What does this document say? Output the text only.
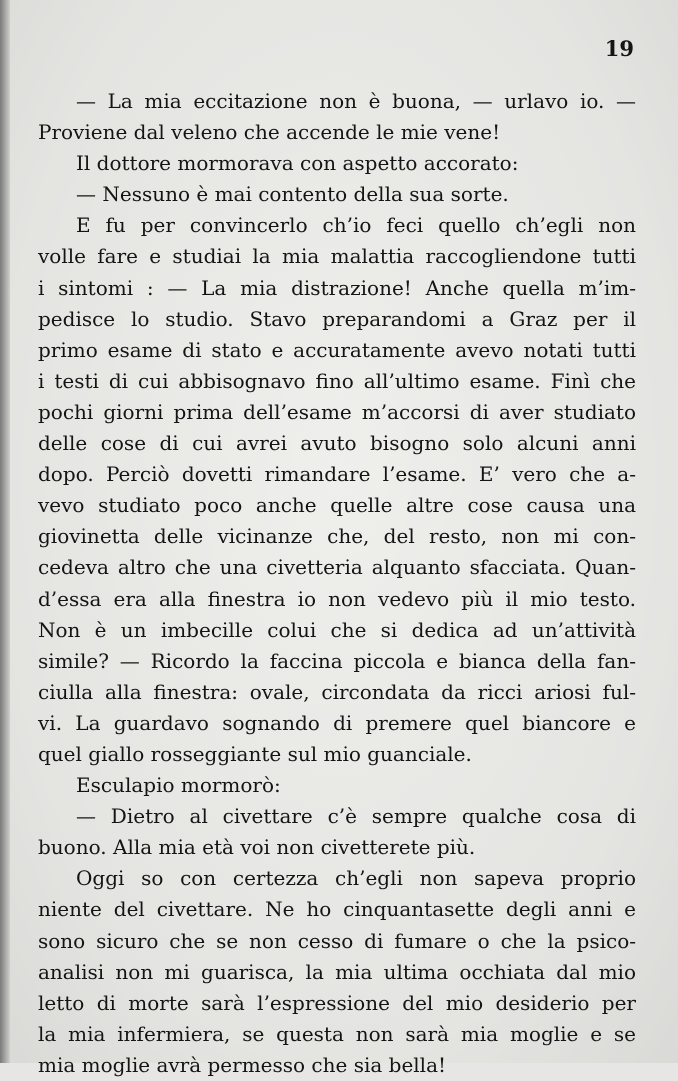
19
— La mia eccitazione non è buona, — urlavo io. —
Proviene dal veleno che accende le mie vene!
Il dottore mormorava con aspetto accorato:
— Nessuno è mai contento della sua sorte.
E fu per convincerlo ch’io feci quello ch’egli non
volle fare e studiai la mia malattia raccogliendone tutti
i sintomi : — La mia distrazione! Anche quella m’im-
pedisce lo studio. Stavo preparandomi a Graz per il
primo esame di stato e accuratamente avevo notati tutti
i testi di cui abbisognavo fino all’ultimo esame. Finì che
pochi giorni prima dell’esame m’accorsi di aver studiato
delle cose di cui avrei avuto bisogno solo alcuni anni
dopo. Perciò dovetti rimandare l’esame. E’ vero che a-
vevo studiato poco anche quelle altre cose causa una
giovinetta delle vicinanze che, del resto, non mi con-
cedeva altro che una civetteria alquanto sfacciata. Quan-
d’essa era alla finestra io non vedevo più il mio testo.
Non è un imbecille colui che si dedica ad un’attività
simile? — Ricordo la faccina piccola e bianca della fan-
ciulla alla finestra: ovale, circondata da ricci ariosi ful-
vi. La guardavo sognando di premere quel biancore e
quel giallo rosseggiante sul mio guanciale.
Esculapio mormorò:
— Dietro al civettare c’è sempre qualche cosa di
buono. Alla mia età voi non civetterete più.
Oggi so con certezza ch’egli non sapeva proprio
niente del civettare. Ne ho cinquantasette degli anni e
sono sicuro che se non cesso di fumare o che la psico-
analisi non mi guarisca, la mia ultima occhiata dal mio
letto di morte sarà l’espressione del mio desiderio per
la mia infermiera, se questa non sarà mia moglie e se
mia moglie avrà permesso che sia bella!
